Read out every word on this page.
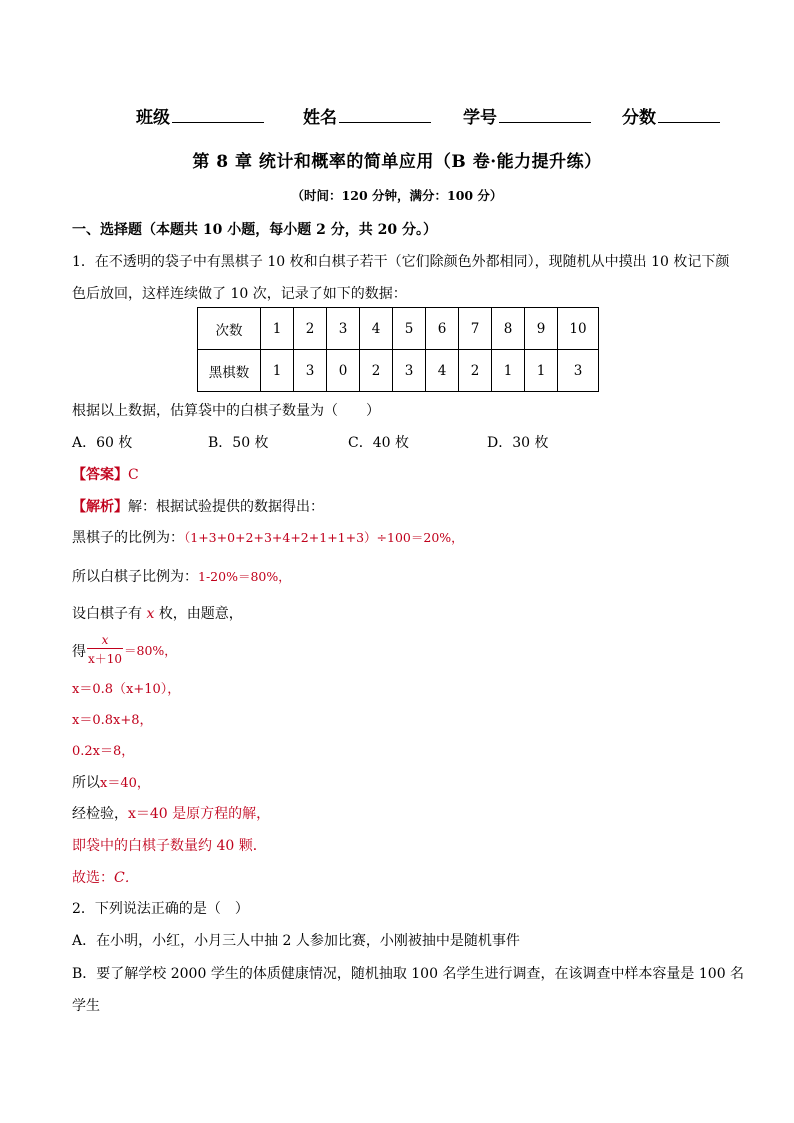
班级	姓名	学号	分数
第 8 章 统计和概率的简单应用（B 卷·能力提升练）
（时间：120 分钟，满分：100 分）
一、选择题（本题共 10 小题，每小题 2 分，共 20 分。）
1．在不透明的袋子中有黑棋子 10 枚和白棋子若干（它们除颜色外都相同），现随机从中摸出 10 枚记下颜
色后放回，这样连续做了 10 次，记录了如下的数据：
次数	1	2	3	4	5	6	7	8	9	10
黑棋数	1	3	0	2	3	4	2	1	1	3
根据以上数据，估算袋中的白棋子数量为（　　）
A．60 枚	B．50 枚	C．40 枚	D．30 枚
【答案】C
【解析】解：根据试验提供的数据得出：
黑棋子的比例为：（1+3+0+2+3+4+2+1+1+3）÷100＝20%，
所以白棋子比例为：1-20%＝80%，
设白棋子有 x 枚，由题意，
得
x
x＋10
＝80%，
x＝0.8（x+10），
x＝0.8x+8，
0.2x＝8，
所以x＝40，
经检验，x＝40 是原方程的解，
即袋中的白棋子数量约 40 颗．
故选：C．
2．下列说法正确的是（　）
A．在小明，小红，小月三人中抽 2 人参加比赛，小刚被抽中是随机事件
B．要了解学校 2000 学生的体质健康情况，随机抽取 100 名学生进行调查，在该调查中样本容量是 100 名
学生
